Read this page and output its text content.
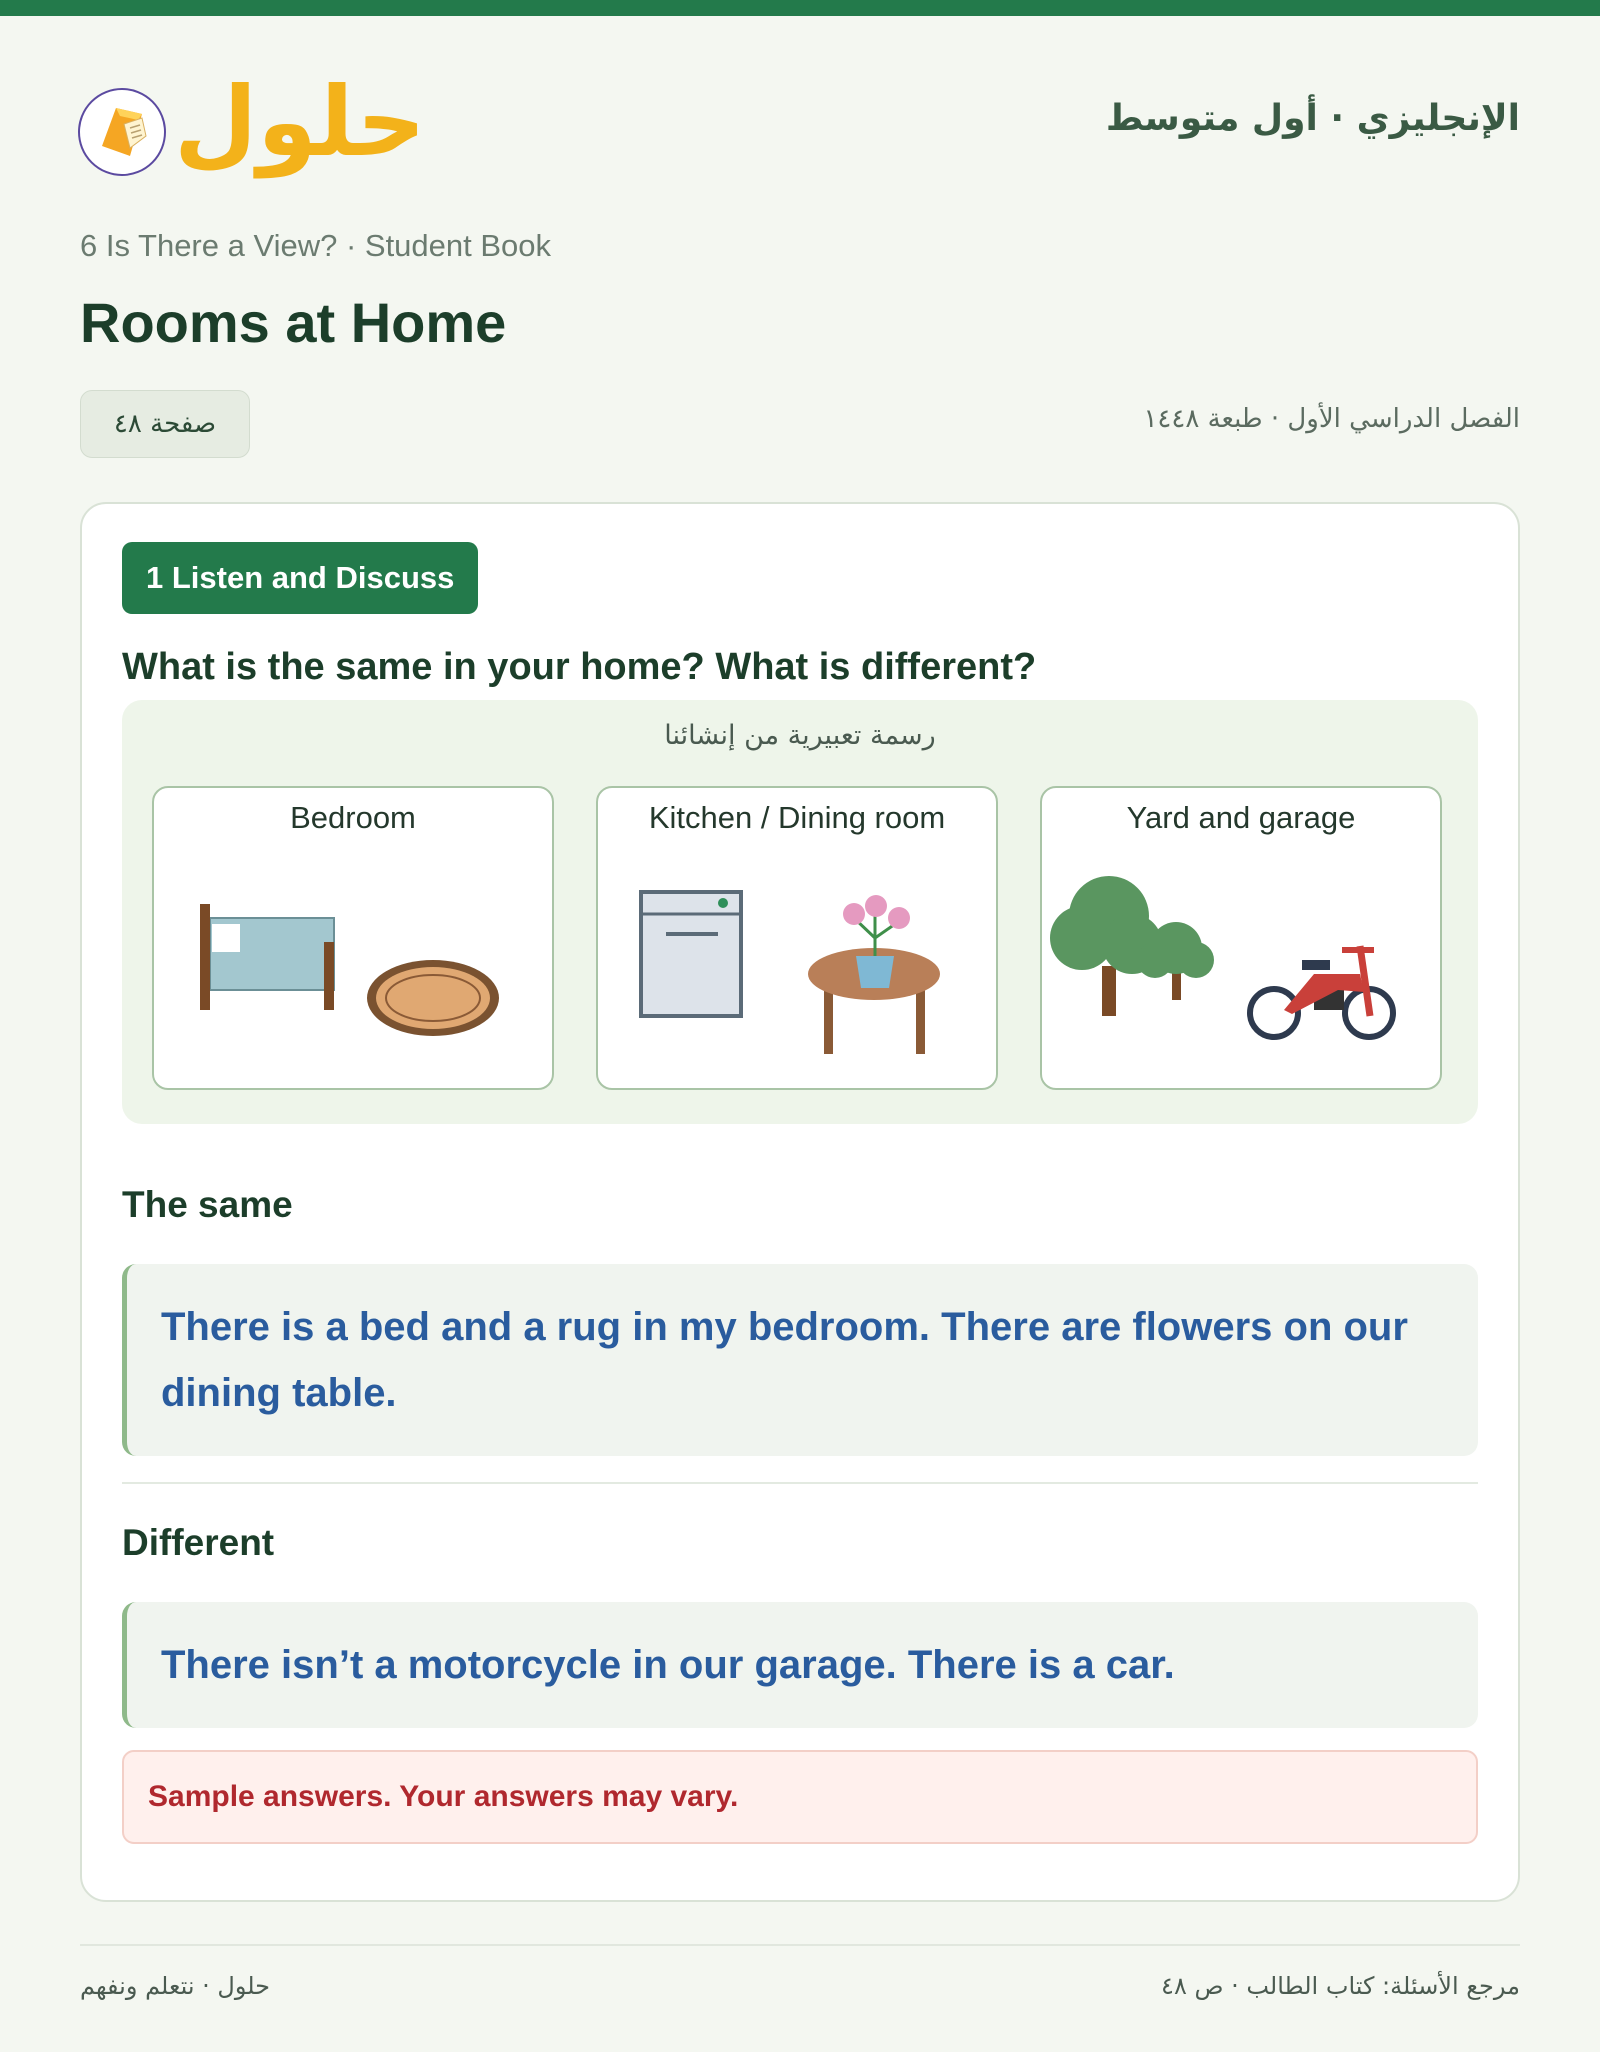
حلول	الإنجليزي · أول متوسط
6 Is There a View? · Student Book
Rooms at Home
صفحة ٤٨	الفصل الدراسي الأول · طبعة ١٤٤٨
1 Listen and Discuss
What is the same in your home? What is different?
رسمة تعبيرية من إنشائنا
Bedroom	Kitchen / Dining room	Yard and garage
The same
There is a bed and a rug in my bedroom. There are flowers on our dining table.
Different
There isn’t a motorcycle in our garage. There is a car.
Sample answers. Your answers may vary.
حلول · نتعلم ونفهم	مرجع الأسئلة: كتاب الطالب · ص ٤٨
